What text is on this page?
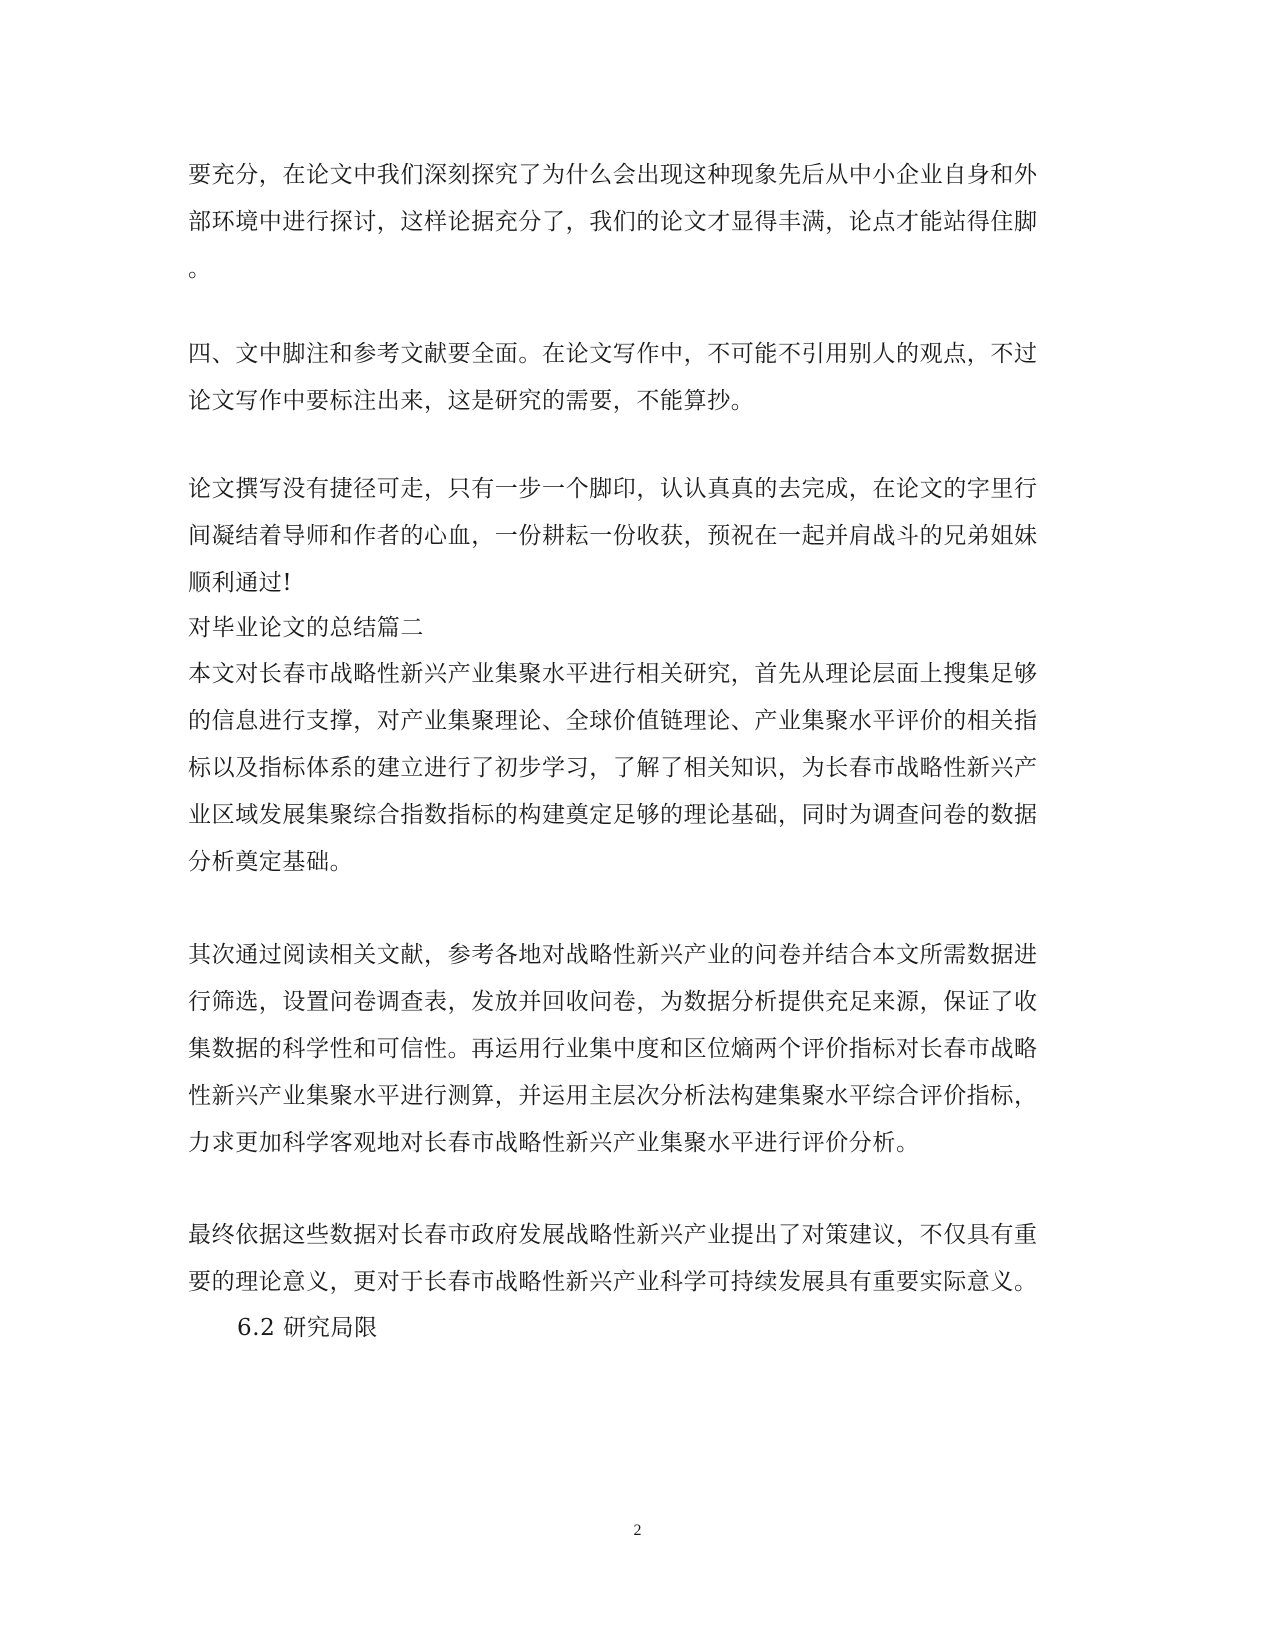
要充分，在论文中我们深刻探究了为什么会出现这种现象先后从中小企业自身和外
部环境中进行探讨，这样论据充分了，我们的论文才显得丰满，论点才能站得住脚
。
四、文中脚注和参考文献要全面。在论文写作中，不可能不引用别人的观点，不过
论文写作中要标注出来，这是研究的需要，不能算抄。
论文撰写没有捷径可走，只有一步一个脚印，认认真真的去完成，在论文的字里行
间凝结着导师和作者的心血，一份耕耘一份收获，预祝在一起并肩战斗的兄弟姐妹
顺利通过!
对毕业论文的总结篇二
本文对长春市战略性新兴产业集聚水平进行相关研究，首先从理论层面上搜集足够
的信息进行支撑，对产业集聚理论、全球价值链理论、产业集聚水平评价的相关指
标以及指标体系的建立进行了初步学习，了解了相关知识，为长春市战略性新兴产
业区域发展集聚综合指数指标的构建奠定足够的理论基础，同时为调查问卷的数据
分析奠定基础。
其次通过阅读相关文献，参考各地对战略性新兴产业的问卷并结合本文所需数据进
行筛选，设置问卷调查表，发放并回收问卷，为数据分析提供充足来源，保证了收
集数据的科学性和可信性。再运用行业集中度和区位熵两个评价指标对长春市战略
性新兴产业集聚水平进行测算，并运用主层次分析法构建集聚水平综合评价指标，
力求更加科学客观地对长春市战略性新兴产业集聚水平进行评价分析。
最终依据这些数据对长春市政府发展战略性新兴产业提出了对策建议，不仅具有重
要的理论意义，更对于长春市战略性新兴产业科学可持续发展具有重要实际意义。
6.2 研究局限
2
